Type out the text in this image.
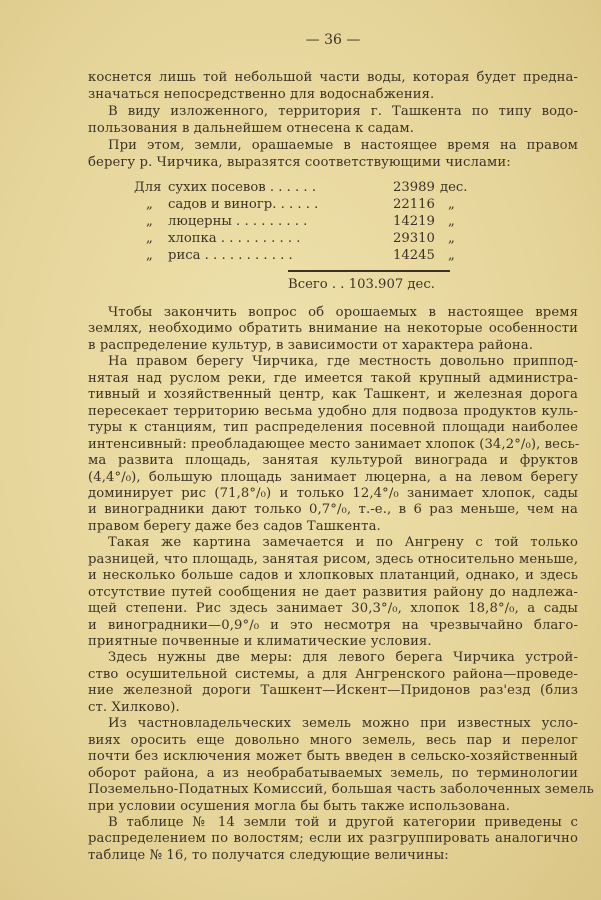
— 36 —
коснется лишь той небольшой части воды, которая будет предна-
значаться непосредственно для водоснабжения.
В виду изложенного, территория г. Ташкента по типу водо-
пользования в дальнейшем отнесена к садам.
При этом, земли, орашаемые в настоящее время на правом
берегу р. Чирчика, выразятся соответствующими числами:
Для сухих посевов . . . . . .	23989 дес.
„ садов и виногр. . . . . .	22116 „
„ люцерны . . . . . . . . .	14219 „
„ хлопка . . . . . . . . . .	29310 „
„ риса . . . . . . . . . . .	14245 „
Всего . . 103.907 дес.
Чтобы закончить вопрос об орошаемых в настоящее время
землях, необходимо обратить внимание на некоторые особенности
в распределение культур, в зависимости от характера района.
На правом берегу Чирчика, где местность довольно приппод-
нятая над руслом реки, где имеется такой крупный администра-
тивный и хозяйственный центр, как Ташкент, и железная дорога
пересекает территорию весьма удобно для подвоза продуктов куль-
туры к станциям, тип распределения посевной площади наиболее
интенсивный: преобладающее место занимает хлопок (34,2°/₀), весь-
ма развита площадь, занятая культурой винограда и фруктов
(4,4°/₀), большую площадь занимает люцерна, а на левом берегу
доминирует рис (71,8°/₀) и только 12,4°/₀ занимает хлопок, сады
и виноградники дают только 0,7°/₀, т.-е., в 6 раз меньше, чем на
правом берегу даже без садов Ташкента.
Такая же картина замечается и по Ангрену с той только
разницей, что площадь, занятая рисом, здесь относительно меньше,
и несколько больше садов и хлопковых платанций, однако, и здесь
отсутствие путей сообщения не дает развития району до надлежа-
щей степени. Рис здесь занимает 30,3°/₀, хлопок 18,8°/₀, а сады
и виноградники—0,9°/₀ и это несмотря на чрезвычайно благо-
приятные почвенные и климатические условия.
Здесь нужны две меры: для левого берега Чирчика устрой-
ство осушительной системы, а для Ангренского района—проведе-
ние железной дороги Ташкент—Искент—Придонов раз'езд (близ
ст. Хилково).
Из частновладельческих земель можно при известных усло-
виях оросить еще довольно много земель, весь пар и перелог
почти без исключения может быть введен в сельско-хозяйственный
оборот района, а из необрабатываемых земель, по терминологии
Поземельно-Податных Комиссий, большая часть заболоченных земель
при условии осушения могла бы быть также использована.
В таблице № 14 земли той и другой категории приведены с
распределением по волостям; если их разгруппировать аналогично
таблице № 16, то получатся следующие величины:
